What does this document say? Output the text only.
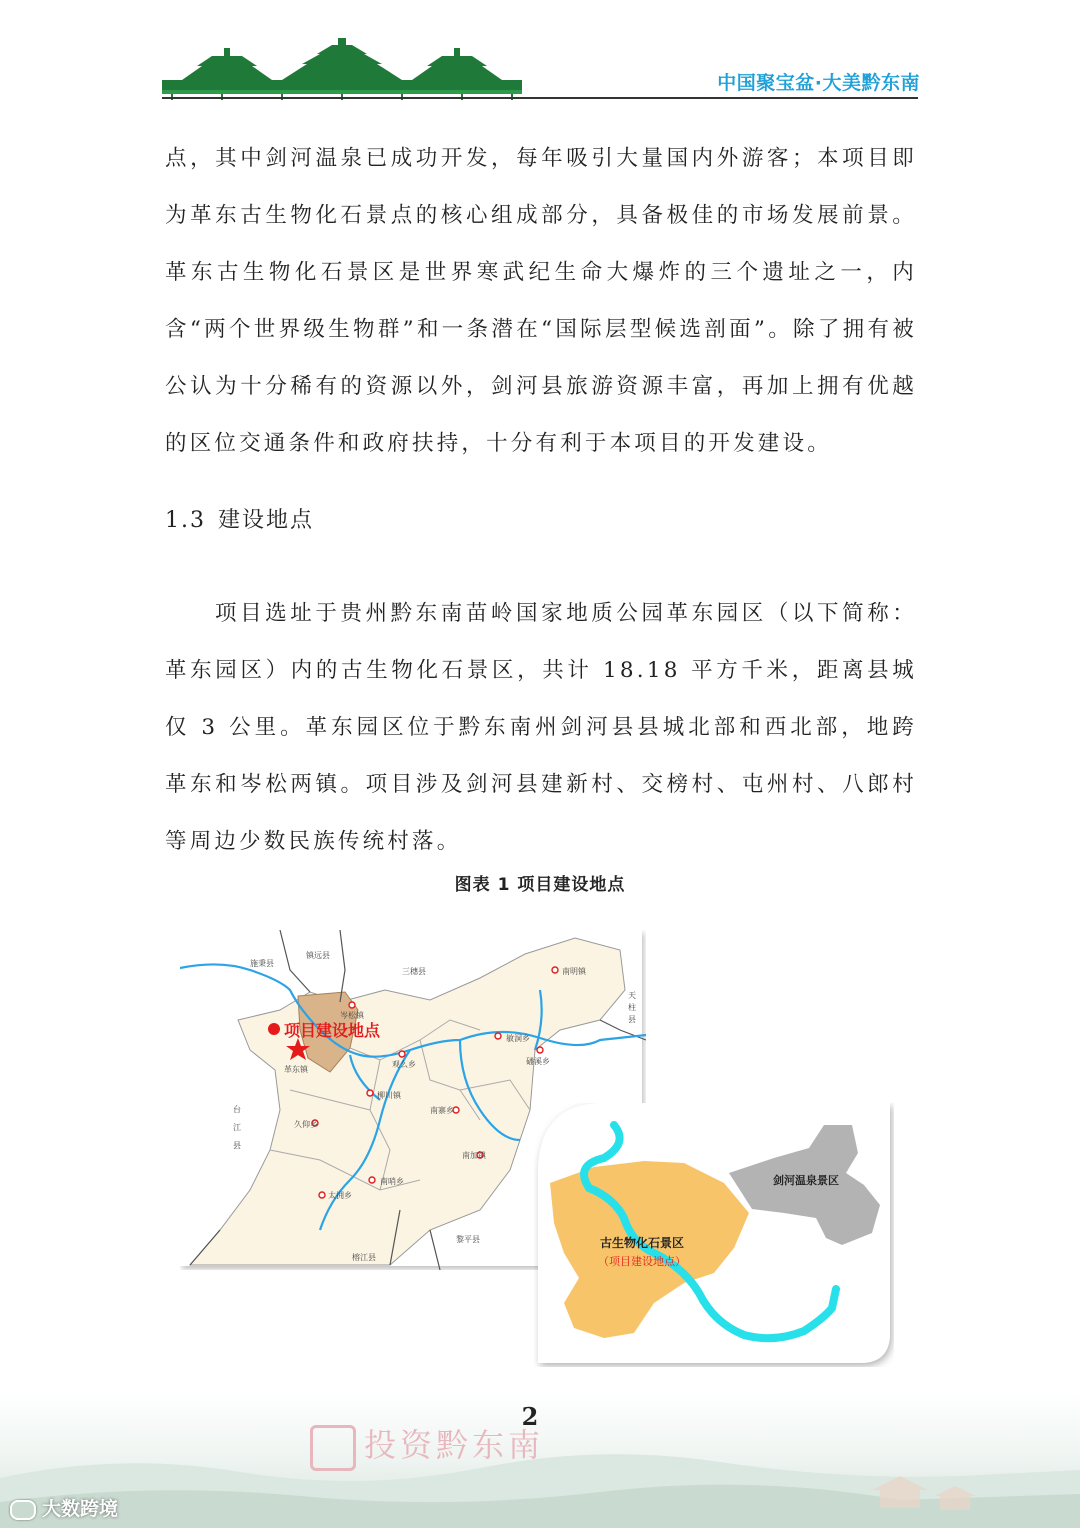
中国聚宝盆·大美黔东南

点，其中剑河温泉已成功开发，每年吸引大量国内外游客；本项目即为革东古生物化石景点的核心组成部分，具备极佳的市场发展前景。革东古生物化石景区是世界寒武纪生命大爆炸的三个遗址之一，内含“两个世界级生物群”和一条潜在“国际层型候选剖面”。除了拥有被公认为十分稀有的资源以外，剑河县旅游资源丰富，再加上拥有优越的区位交通条件和政府扶持，十分有利于本项目的开发建设。

1.3 建设地点

项目选址于贵州黔东南苗岭国家地质公园革东园区（以下简称：革东园区）内的古生物化石景区，共计 18.18 平方千米，距离县城仅 3 公里。革东园区位于黔东南州剑河县县城北部和西北部，地跨革东和岑松两镇。项目涉及剑河县建新村、交榜村、屯州村、八郎村等周边少数民族传统村落。

图表 1 项目建设地点
项目建设地点
镇远县
施秉县
三穗县	南明镇
岑松镇
革东镇
观么乡
敏洞乡
磻溪乡
天
柱
县
柳川镇
南寨乡
久仰乡
台
江
县
南加镇
南哨乡
太拥乡
黎平县
榕江县
古生物化石景区
（项目建设地点）
剑河温泉景区
投资黔东南
2
大数跨境
